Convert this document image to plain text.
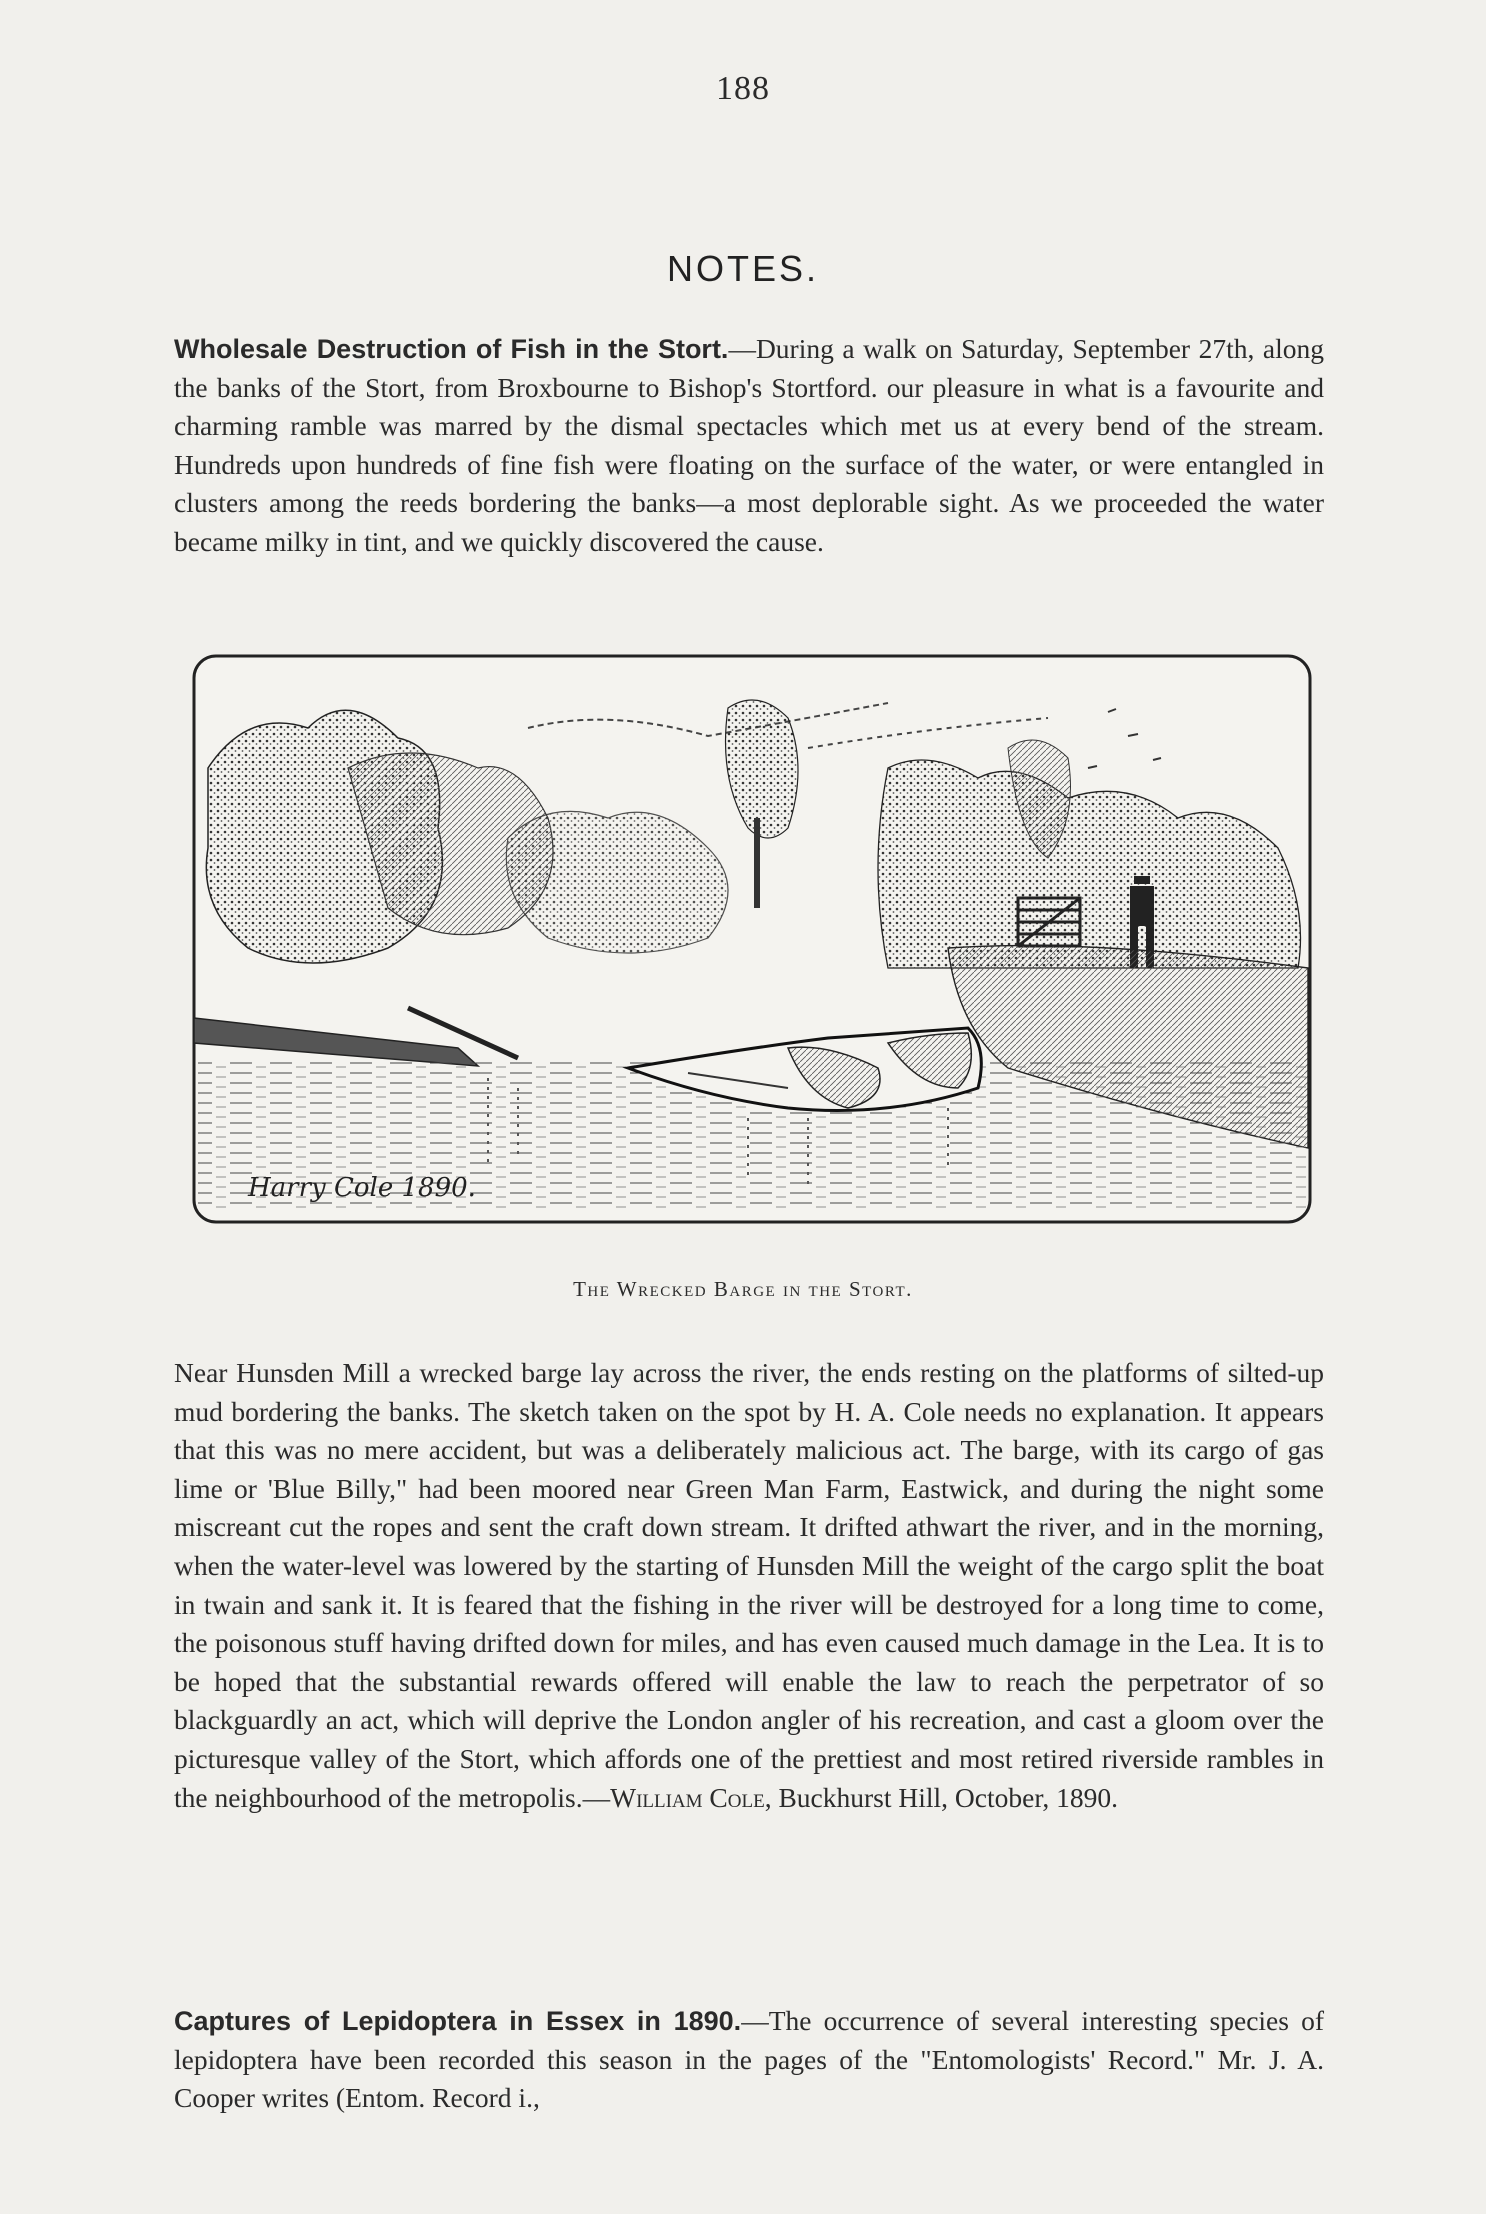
188
NOTES.

Wholesale Destruction of Fish in the Stort.—During a walk on Saturday, September 27th, along the banks of the Stort, from Broxbourne to Bishop's Stortford. our pleasure in what is a favourite and charming ramble was marred by the dismal spectacles which met us at every bend of the stream. Hundreds upon hundreds of fine fish were floating on the surface of the water, or were entangled in clusters among the reeds bordering the banks—a most deplorable sight. As we proceeded the water became milky in tint, and we quickly discovered the cause.

Harry Cole 1890.
The Wrecked Barge in the Stort.

Near Hunsden Mill a wrecked barge lay across the river, the ends resting on the platforms of silted-up mud bordering the banks. The sketch taken on the spot by H. A. Cole needs no explanation. It appears that this was no mere accident, but was a deliberately malicious act. The barge, with its cargo of gas lime or 'Blue Billy," had been moored near Green Man Farm, Eastwick, and during the night some miscreant cut the ropes and sent the craft down stream. It drifted athwart the river, and in the morning, when the water-level was lowered by the starting of Hunsden Mill the weight of the cargo split the boat in twain and sank it. It is feared that the fishing in the river will be destroyed for a long time to come, the poisonous stuff having drifted down for miles, and has even caused much damage in the Lea. It is to be hoped that the substantial rewards offered will enable the law to reach the perpetrator of so blackguardly an act, which will deprive the London angler of his recreation, and cast a gloom over the picturesque valley of the Stort, which affords one of the prettiest and most retired riverside rambles in the neighbourhood of the metropolis.—William Cole, Buckhurst Hill, October, 1890.

Captures of Lepidoptera in Essex in 1890.—The occurrence of several interesting species of lepidoptera have been recorded this season in the pages of the "Entomologists' Record." Mr. J. A. Cooper writes (Entom. Record i.,
